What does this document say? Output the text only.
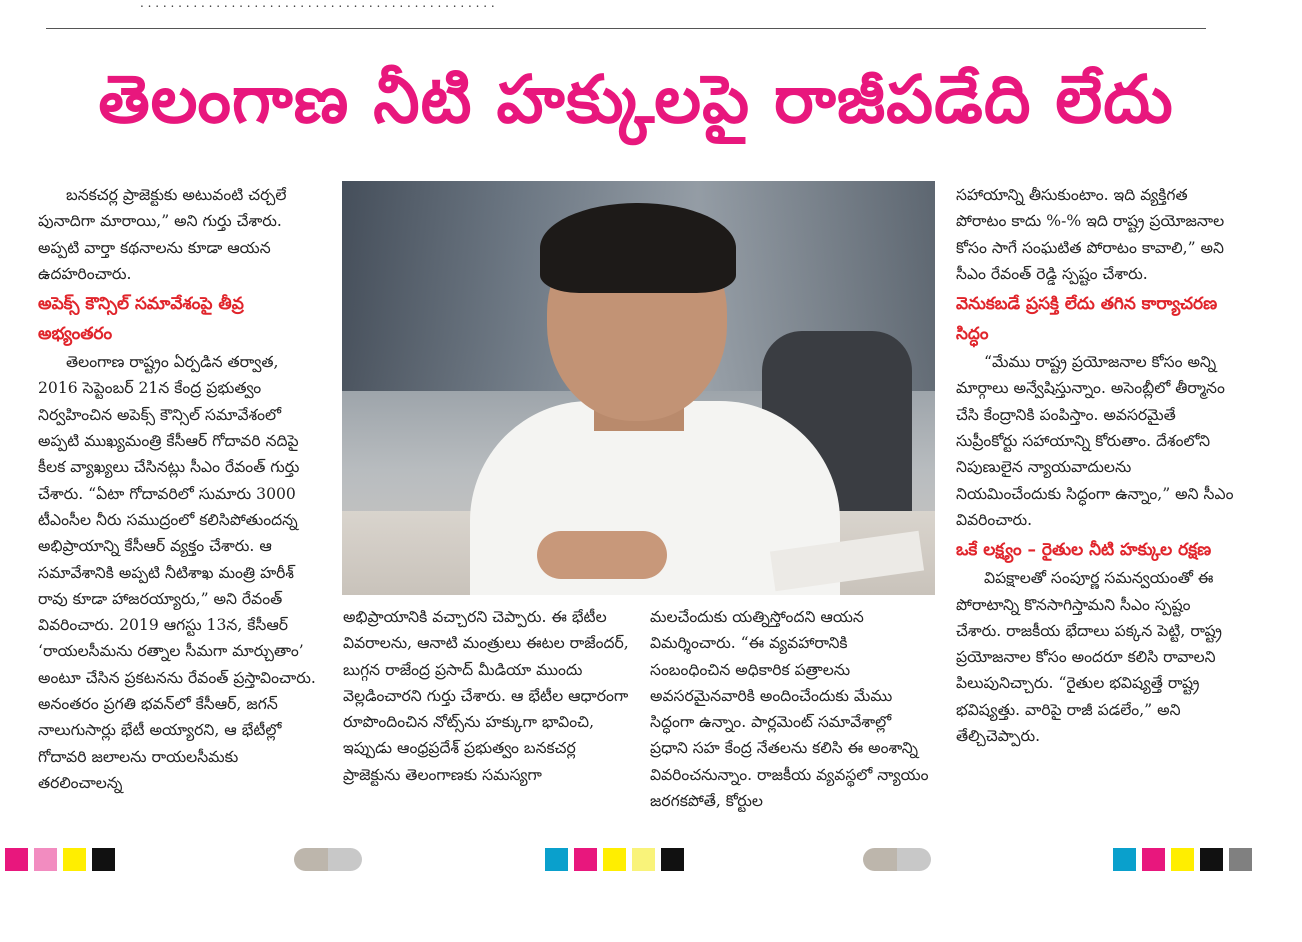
. . . . . . . . . . . . . . . . . . . . . . . . . . . . . . . . . . . . . . . . . . . . . . .
తెలంగాణ నీటి హక్కులపై రాజీపడేది లేదు

బనకచర్ల ప్రాజెక్టుకు అటువంటి చర్చలే పునాదిగా మారాయి,” అని గుర్తు చేశారు. అప్పటి వార్తా కథనాలను కూడా ఆయన ఉదహరించారు.

అపెక్స్ కౌన్సిల్ సమావేశంపై తీవ్ర అభ్యంతరం

తెలంగాణ రాష్ట్రం ఏర్పడిన తర్వాత, 2016 సెప్టెంబర్ 21న కేంద్ర ప్రభుత్వం నిర్వహించిన అపెక్స్ కౌన్సిల్ సమావేశంలో అప్పటి ముఖ్యమంత్రి కేసీఆర్ గోదావరి నదిపై కీలక వ్యాఖ్యలు చేసినట్లు సీఎం రేవంత్ గుర్తు చేశారు. “ఏటా గోదావరిలో సుమారు 3000 టీఎంసీల నీరు సముద్రంలో కలిసిపోతుందన్న అభిప్రాయాన్ని కేసీఆర్ వ్యక్తం చేశారు. ఆ సమావేశానికి అప్పటి నీటిశాఖ మంత్రి హరీశ్ రావు కూడా హాజరయ్యారు,” అని రేవంత్ వివరించారు. 2019 ఆగస్టు 13న, కేసీఆర్ ‘రాయలసీమను రత్నాల సీమగా మార్చుతాం’ అంటూ చేసిన ప్రకటనను రేవంత్ ప్రస్తావించారు. అనంతరం ప్రగతి భవన్‌లో కేసీఆర్, జగన్ నాలుగుసార్లు భేటీ అయ్యారని, ఆ భేటీల్లో గోదావరి జలాలను రాయలసీమకు తరలించాలన్న

అభిప్రాయానికి వచ్చారని చెప్పారు. ఈ భేటీల వివరాలను, ఆనాటి మంత్రులు ఈటల రాజేందర్, బుగ్గన రాజేంద్ర ప్రసాద్ మీడియా ముందు వెల్లడించారని గుర్తు చేశారు. ఆ భేటీల ఆధారంగా రూపొందించిన నోట్స్‌ను హక్కుగా భావించి, ఇప్పుడు ఆంధ్రప్రదేశ్ ప్రభుత్వం బనకచర్ల ప్రాజెక్టును తెలంగాణకు సమస్యగా

మలచేందుకు యత్నిస్తోందని ఆయన విమర్శించారు. “ఈ వ్యవహారానికి సంబంధించిన అధికారిక పత్రాలను అవసరమైనవారికి అందించేందుకు మేము సిద్ధంగా ఉన్నాం. పార్లమెంట్ సమావేశాల్లో ప్రధాని సహ కేంద్ర నేతలను కలిసి ఈ అంశాన్ని వివరించనున్నాం. రాజకీయ వ్యవస్థలో న్యాయం జరగకపోతే, కోర్టుల

సహాయాన్ని తీసుకుంటాం. ఇది వ్యక్తిగత పోరాటం కాదు %-% ఇది రాష్ట్ర ప్రయోజనాల కోసం సాగే సంఘటిత పోరాటం కావాలి,” అని సీఎం రేవంత్ రెడ్డి స్పష్టం చేశారు.

వెనుకబడే ప్రసక్తి లేదు తగిన కార్యాచరణ సిద్ధం

“మేము రాష్ట్ర ప్రయోజనాల కోసం అన్ని మార్గాలు అన్వేషిస్తున్నాం. అసెంబ్లీలో తీర్మానం చేసి కేంద్రానికి పంపిస్తాం. అవసరమైతే సుప్రీంకోర్టు సహాయాన్ని కోరుతాం. దేశంలోని నిపుణులైన న్యాయవాదులను నియమించేందుకు సిద్ధంగా ఉన్నాం,” అని సీఎం వివరించారు.

ఒకే లక్ష్యం – రైతుల నీటి హక్కుల రక్షణ

విపక్షాలతో సంపూర్ణ సమన్వయంతో ఈ పోరాటాన్ని కొనసాగిస్తామని సీఎం స్పష్టం చేశారు. రాజకీయ భేదాలు పక్కన పెట్టి, రాష్ట్ర ప్రయోజనాల కోసం అందరూ కలిసి రావాలని పిలుపునిచ్చారు. “రైతుల భవిష్యత్తే రాష్ట్ర భవిష్యత్తు. వారిపై రాజీ పడలేం,” అని తేల్చిచెప్పారు.
